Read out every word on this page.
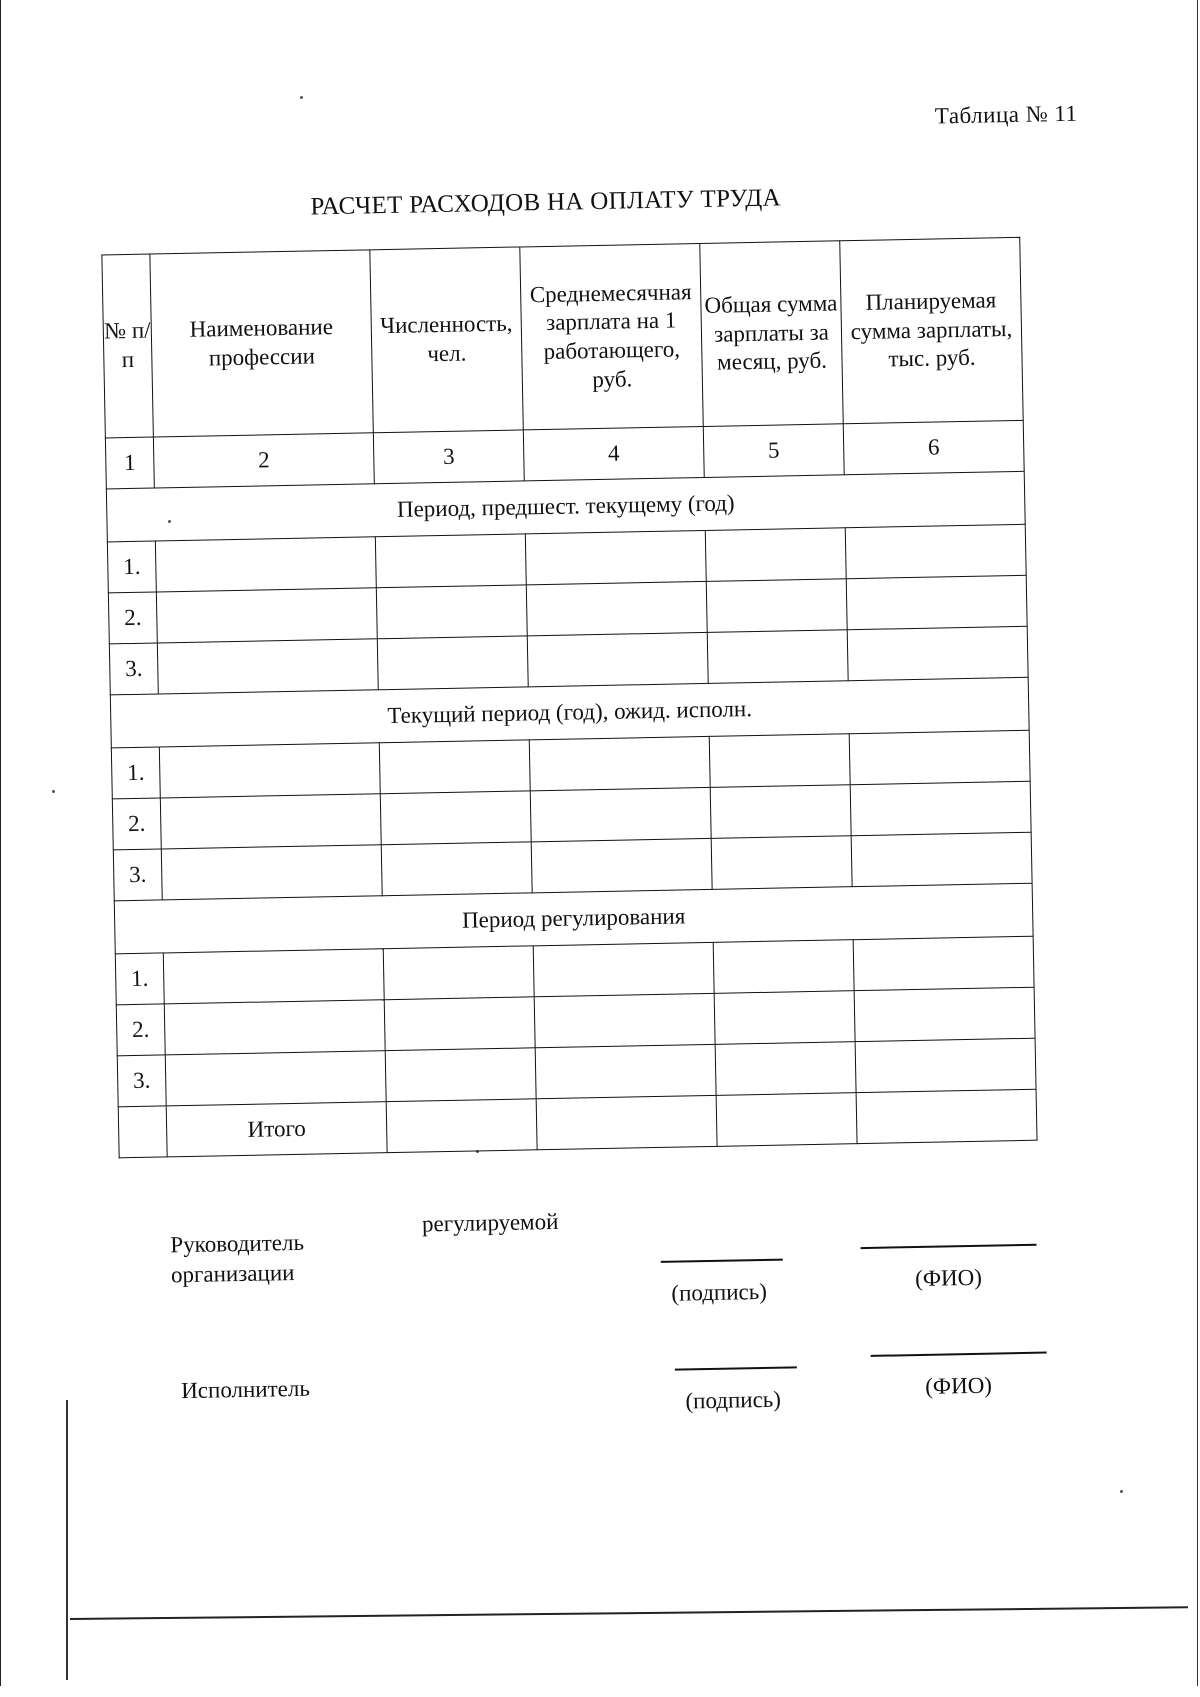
Таблица № 11
РАСЧЕТ РАСХОДОВ НА ОПЛАТУ ТРУДА
№ п/п	Наименование профессии	Численность, чел.	Среднемесячная зарплата на 1 работающего, руб.	Общая сумма зарплаты за месяц, руб.	Планируемая сумма зарплаты, тыс. руб.
1	2	3	4	5	6
Период, предшест. текущему (год)					
1.					
2.					
3.					
Текущий период (год), ожид. исполн.					
1.					
2.					
3.					
Период регулирования					
1.					
2.					
3.					
	Итого				
Руководитель
организации
регулируемой
(подпись)
(ФИО)
Исполнитель	(подпись)
(ФИО)
